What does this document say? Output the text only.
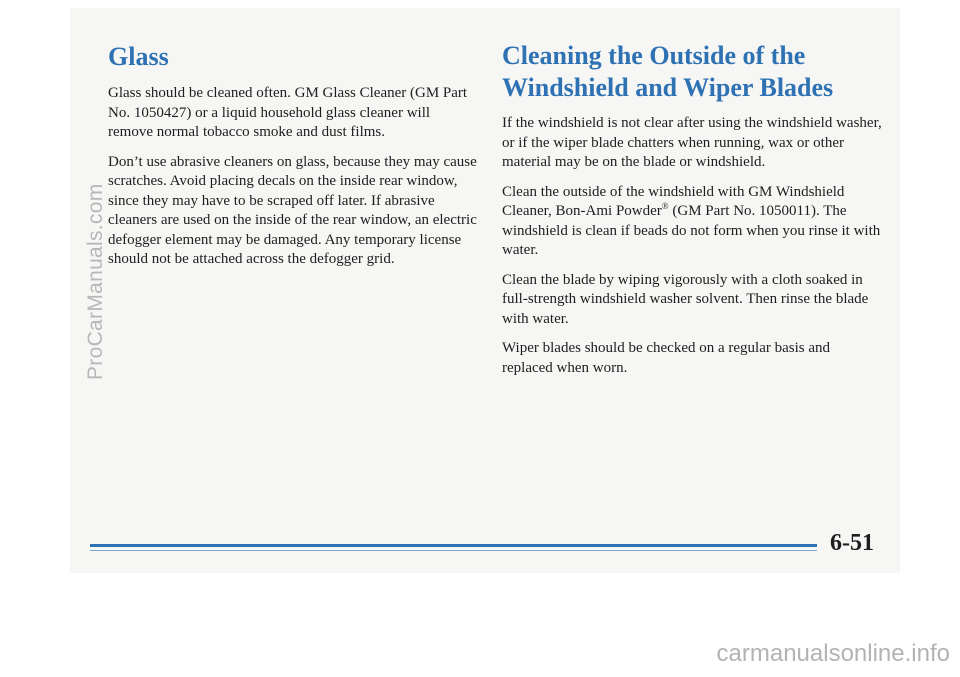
Glass

Glass should be cleaned often. GM Glass Cleaner (GM Part No. 1050427) or a liquid household glass cleaner will remove normal tobacco smoke and dust films.

Don’t use abrasive cleaners on glass, because they may cause scratches. Avoid placing decals on the inside rear window, since they may have to be scraped off later. If abrasive cleaners are used on the inside of the rear window, an electric defogger element may be damaged. Any temporary license should not be attached across the defogger grid.

Cleaning the Outside of the Windshield and Wiper Blades

If the windshield is not clear after using the windshield washer, or if the wiper blade chatters when running, wax or other material may be on the blade or windshield.

Clean the outside of the windshield with GM Windshield Cleaner, Bon-Ami Powder® (GM Part No. 1050011). The windshield is clean if beads do not form when you rinse it with water.

Clean the blade by wiping vigorously with a cloth soaked in full-strength windshield washer solvent. Then rinse the blade with water.

Wiper blades should be checked on a regular basis and replaced when worn.

6-51
ProCarManuals.com
carmanualsonline.info
